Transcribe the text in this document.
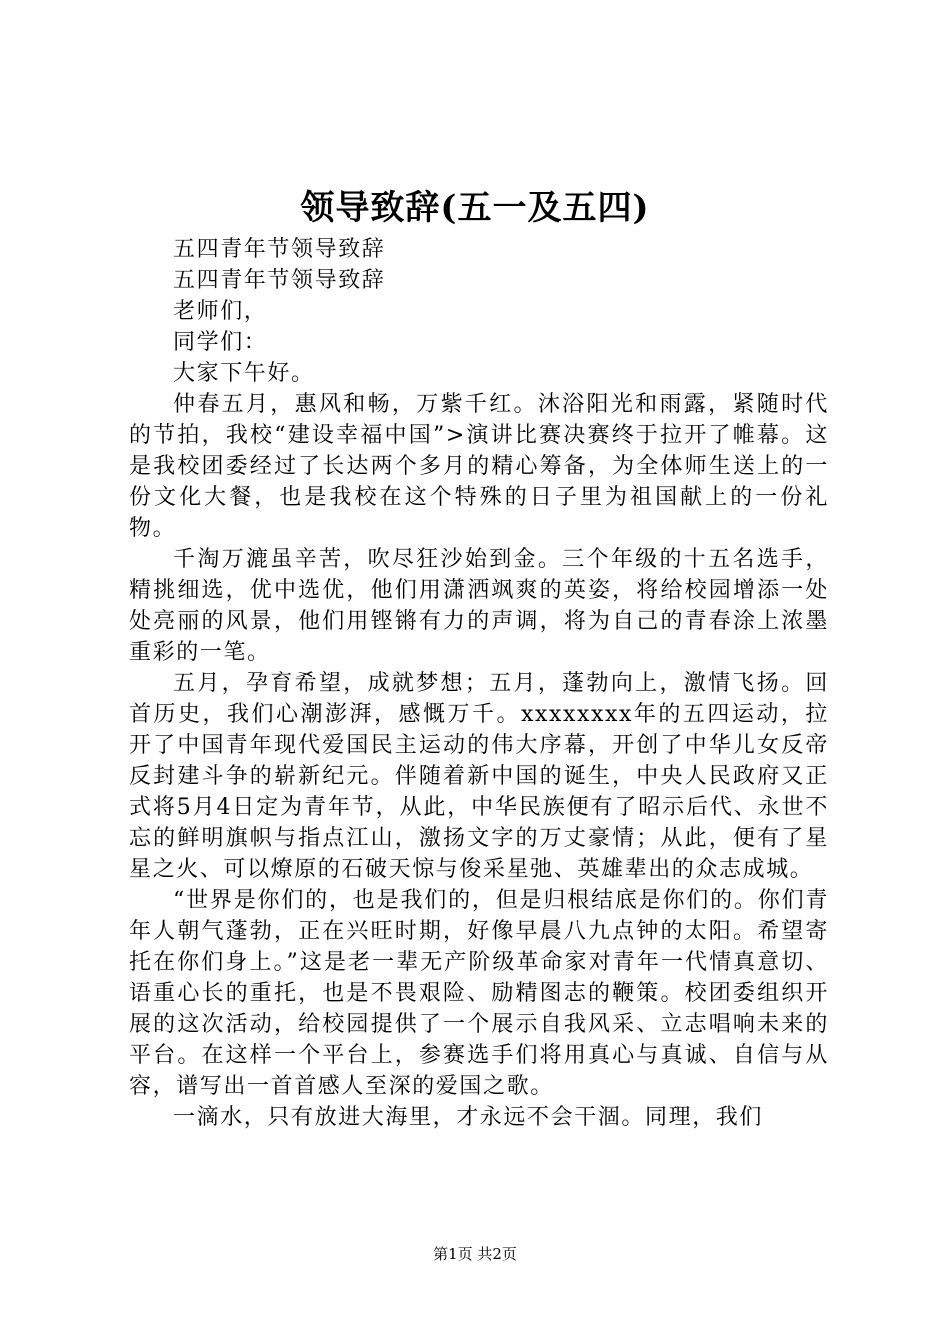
领导致辞(五一及五四)

五四青年节领导致辞

五四青年节领导致辞

老师们，

同学们：

大家下午好。

仲春五月，惠风和畅，万紫千红。沐浴阳光和雨露，紧随时代的节拍，我校“建设幸福中国”>演讲比赛决赛终于拉开了帷幕。这是我校团委经过了长达两个多月的精心筹备，为全体师生送上的一份文化大餐，也是我校在这个特殊的日子里为祖国献上的一份礼物。

千淘万漉虽辛苦，吹尽狂沙始到金。三个年级的十五名选手，精挑细选，优中选优，他们用潇洒飒爽的英姿，将给校园增添一处处亮丽的风景，他们用铿锵有力的声调，将为自己的青春涂上浓墨重彩的一笔。

五月，孕育希望，成就梦想；五月，蓬勃向上，激情飞扬。回首历史，我们心潮澎湃，感慨万千。xxxxxxxx年的五四运动，拉开了中国青年现代爱国民主运动的伟大序幕，开创了中华儿女反帝反封建斗争的崭新纪元。伴随着新中国的诞生，中央人民政府又正式将5月4日定为青年节，从此，中华民族便有了昭示后代、永世不忘的鲜明旗帜与指点江山，激扬文字的万丈豪情；从此，便有了星星之火、可以燎原的石破天惊与俊采星弛、英雄辈出的众志成城。

“世界是你们的，也是我们的，但是归根结底是你们的。你们青年人朝气蓬勃，正在兴旺时期，好像早晨八九点钟的太阳。希望寄托在你们身上。”这是老一辈无产阶级革命家对青年一代情真意切、语重心长的重托，也是不畏艰险、励精图志的鞭策。校团委组织开展的这次活动，给校园提供了一个展示自我风采、立志唱响未来的平台。在这样一个平台上，参赛选手们将用真心与真诚、自信与从容，谱写出一首首感人至深的爱国之歌。

一滴水，只有放进大海里，才永远不会干涸。同理，我们

第1页 共2页
